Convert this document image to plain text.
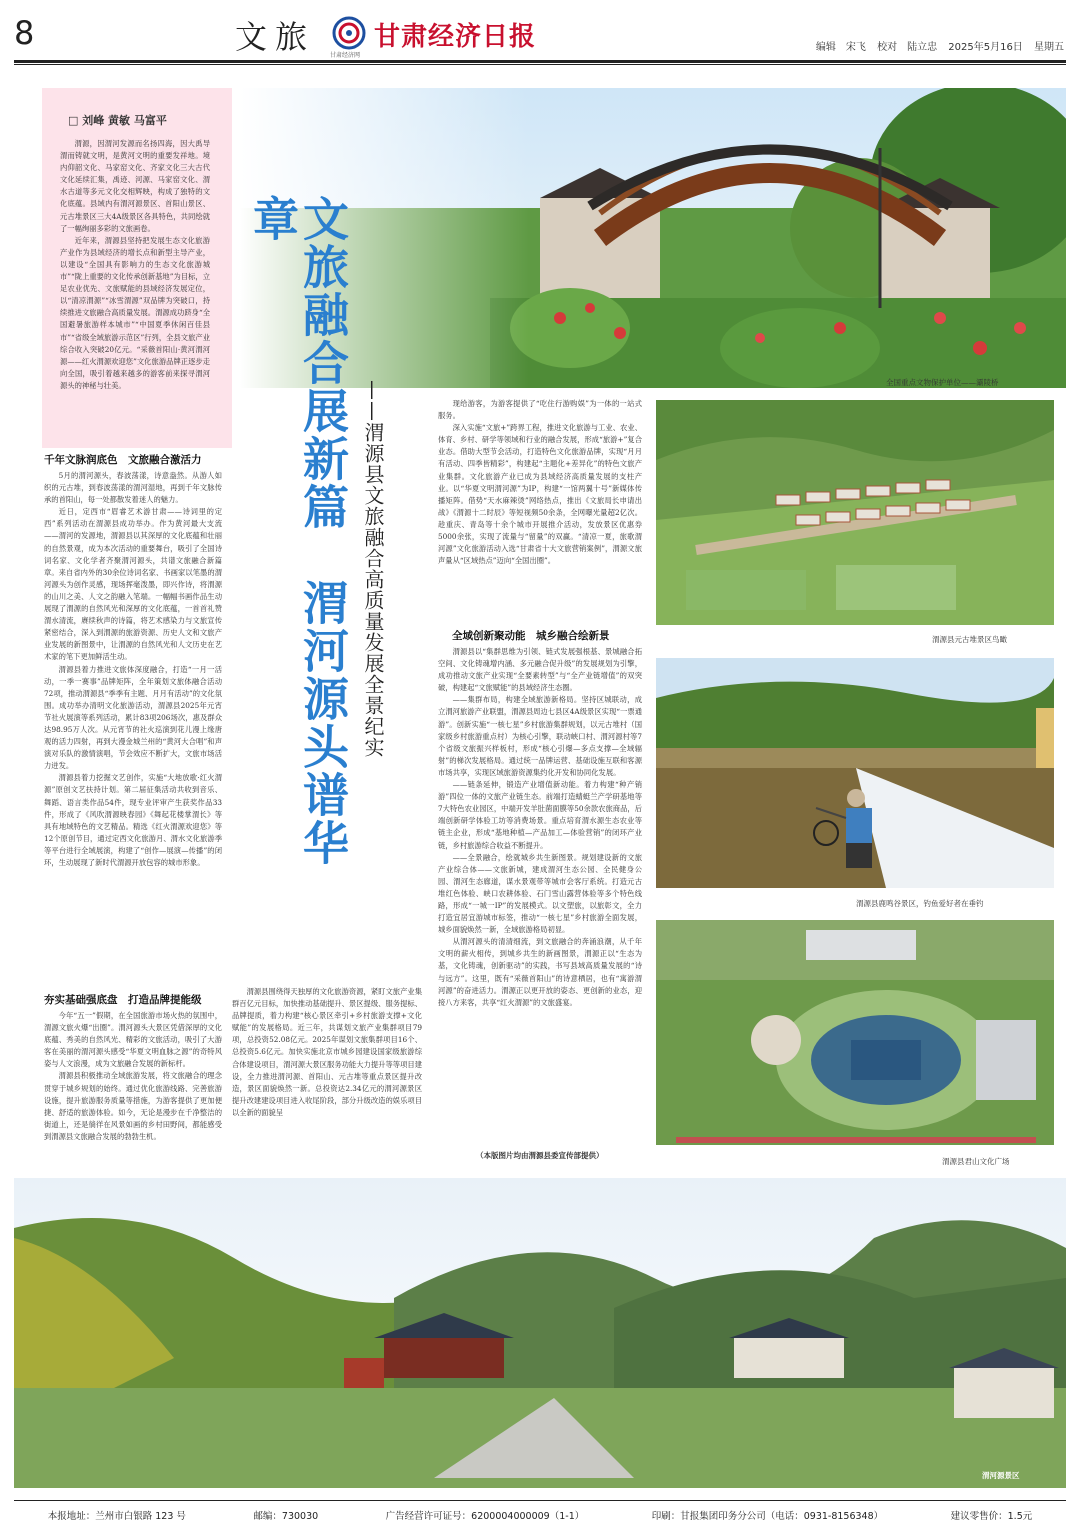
8	文旅 甘肃经济网
甘肃经济日报	编辑　宋飞 校对　陆立忠 2025年5月16日 星期五
□ 刘峰 黄敏 马富平

渭源，因渭河发源而名扬四海，因大禹导渭而铸就文明，是黄河文明的重要发祥地。境内仰韶文化、马家窑文化、齐家文化三大古代文化延续汇集，禹迹、河源、马家窑文化、渭水古道等多元文化交相辉映，构成了独特的文化底蕴。县域内有渭河源景区、首阳山景区、元古堆景区三大4A级景区各具特色，共同绘就了一幅绚丽多彩的文旅画卷。

近年来，渭源县坚持把发展生态文化旅游产业作为县域经济的增长点和新型主导产业，以建设“全国具有影响力的生态文化旅游城市”“陇上重要的文化传承创新基地”为目标，立足农业优先、文旅赋能的县域经济发展定位，以“清凉渭源”“冰雪渭源”双品牌为突破口，持续推进文旅融合高质量发展。渭源成功跻身“全国避暑旅游样本城市”“中国夏季休闲百佳县市”“省级全域旅游示范区”行列，全县文旅产业综合收入突破20亿元。“采薇首阳山·黄河渭河源——红火渭源欢迎您”文化旅游品牌正逐步走向全国，吸引着越来越多的游客前来探寻渭河源头的神秘与壮美。	全国重点文物保护单位——灞陵桥
文旅融合展新篇　渭河源头谱华章
——渭源县文旅融合高质量发展全景纪实
千年文脉润底色　文旅融合激活力

5月的渭河源头，春波荡漾，诗意盎然。从游人如织的元古堆，到春波荡漾的渭河湿地，再到千年文脉传承的首阳山，每一处都散发着迷人的魅力。

近日，定西市“眉睿艺术游甘肃——诗词里的定西”系列活动在渭源县成功举办。作为黄河最大支流——渭河的发源地，渭源县以其深厚的文化底蕴和壮丽的自然景观，成为本次活动的重要舞台，吸引了全国诗词名家、文化学者齐聚渭河源头，共谱文旅融合新篇章。来自省内外的30余位诗词名家、书画家以笔墨的渭河源头为创作灵感，现场挥毫泼墨，即兴作诗，将渭源的山川之美、人文之韵融入笔端。一幅幅书画作品生动展现了渭源的自然风光和深厚的文化底蕴，一首首礼赞渭水清流，赓续秋声的诗篇，将艺术感染力与文旅宣传紧密结合，深入到渭源的旅游资源、历史人文和文旅产业发展的新图景中，让渭源的自然风光和人文历史在艺术家的笔下更加鲜活生动。

渭源县着力推进文旅体深度融合，打造“一月一活动，一季一赛事”品牌矩阵，全年策划文旅体融合活动72项，推动渭源县“季季有主题、月月有活动”的文化氛围。成功举办清明文化旅游活动，渭源县2025年元宵节社火展演等系列活动，累计83项206场次，惠及群众达98.95万人次。从元宵节的社火巡演到花儿漫上缘唐观的活力四射，再到大漫金城兰州的“黄河大合唱”和声演对乐队的激情演唱，节会效应不断扩大，文旅市场活力迸发。

渭源县着力挖掘文艺创作，实施“大地放歌·红火渭源”原创文艺扶持计划。第二届征集活动共收到音乐、舞蹈、语言类作品54件，现专业评审产生获奖作品33件，形成了《风吹渭源映春园》《舞起花楼掌渭长》等具有地域特色的文艺精品。精选《红火渭源欢迎您》等12个原创节目，通过定西文化旅游月、渭水文化旅游季等平台进行全域展演，构建了“创作—展演—传播”的闭环，生动展现了新时代渭源开放包容的城市形象。

夯实基础强底盘　打造品牌提能级

今年“五一”假期，在全国旅游市场火热的氛围中，渭源文旅火爆“出圈”。渭河源头大景区凭借深厚的文化底蕴、秀美的自然风光、精彩的文旅活动，吸引了大游客在美丽的渭河源头感受“华夏文明血脉之源”的奇特风姿与人文浪漫，成为文旅融合发展的新标杆。

渭源县积极推动全域旅游发展，将文旅融合的理念贯穿于城乡规划的始终。通过优化旅游线路、完善旅游设施，提升旅游服务质量等措施，为游客提供了更加便捷、舒适的旅游体验。如今，无论是漫步在千净整洁的街道上，还是徜徉在风景如画的乡村田野间，都能感受到渭源县文旅融合发展的勃勃生机。

渭源县围绕得天独厚的文化旅游资源，紧盯文旅产业集群百亿元目标，加快推动基础提升、景区提级、服务提标、品牌提质，着力构建“核心景区牵引+乡村旅游支撑+文化赋能”的发展格局。近三年，共谋划文旅产业集群项目79项，总投资52.08亿元。2025年谋划文旅集群项目16个、总投资5.6亿元。加快实施北京市城乡园建设国家级旅游综合体建设项目，渭河源大景区服务功能大力提升等等项目建设，全力推进渭河源、首阳山、元古堆等重点景区提升改造，景区面貌焕然一新。总投资达2.34亿元的渭河源景区提升改建建设项目进入收尾阶段，部分升级改造的娱乐项目以全新的面貌呈

现给游客，为游客提供了“吃住行游购娱”为一体的一站式服务。

深入实施“文旅+”跨界工程，推进文化旅游与工业、农业、体育、乡村、研学等领域和行业的融合发展，形成“旅游+”复合业态。借助大型节会活动，打造特色文化旅游品牌，实现“月月有活动、四季皆精彩”，构建起“主题化+差异化”的特色文旅产业集群。文化旅游产业已成为县域经济高质量发展的支柱产业。以“华夏文明渭河源”为IP，构建“一馆两翼十号”新媒体传播矩阵。借势“天水麻辣烫”网络热点，推出《文旅局长申请出战》《渭源十二时辰》等短视频50余条，全网曝光量超2亿次。趁重庆、青岛等十余个城市开展推介活动，发放景区优惠券5000余张，实现了流量与“留量”的双赢。“清凉一夏，旅歌渭河源”文化旅游活动入选“甘肃省十大文旅营销案例”，渭源文旅声量从“区域热点”迈向“全国出圈”。

全域创新聚动能　城乡融合绘新景

渭源县以“集群思维为引领、链式发展强根基、景城融合拓空间、文化铸魂增内涵、多元融合促升级”的发展规划为引擎，成功推动文旅产业实现“全要素转型”与“全产业链增值”的双突破，构建起“文旅赋能”的县域经济生态圈。

——集群布局，构建全域旅游新格局。坚持区城联动，成立渭河旅游产业联盟，渭源县周边七县区4A级景区实现“一票通游”。创新实施“一核七星”乡村旅游集群规划，以元古堆村（国家级乡村旅游重点村）为核心引擎，联动峡口村、渭河源村等7个省级文旅振兴样板村，形成“核心引爆—多点支撑—全域辐射”的梯次发展格局。通过统一品牌运营、基础设施互联和客源市场共享，实现区域旅游资源集约化开发和协同化发展。

——链条延伸，锻造产业增值新动能。着力构建“种产销游”四位一体的文旅产业链生态。前端打造蜻蜓兰产学研基地等7大特色农业园区，中端开发羊肚菌面膜等50余款农旅商品，后端创新研学体验工坊等消费场景。重点培育渭水源生态农业等链主企业，形成“基地种植—产品加工—体验营销”的闭环产业链，乡村旅游综合收益不断提升。

——全景融合，绘就城乡共生新图景。规划建设新的文旅产业综合体——文旅新城，建成渭河生态公园、全民健身公园、渭河生态廊道，谋水景观带等城市会客厅系统。打造元古堆红色体验、峡口农耕体验、石门雪山露营体验等多个特色线路，形成“一城一IP”的发展模式。以文塑旅，以旅彰文，全力打造宜居宜游城市标签，推动“一核七星”乡村旅游全面发展，城乡面貌焕然一新，全域旅游格局初显。

从渭河源头的清清细流，到文旅融合的奔涌浪潮，从千年文明的薪火相传，到城乡共生的新画图景，渭源正以“生态为基，文化铸魂，创新驱动”的实践，书写县域高质量发展的“诗与远方”。这里，既有“采薇首阳山”的诗意栖居，也有“寓游渭河源”的奋进活力。渭源正以更开放的姿态、更创新的业态，迎接八方来客，共享“红火渭源”的文旅盛宴。

（本版图片均由渭源县委宣传部提供）
渭源县元古堆景区鸟瞰
渭源县鹿鸣谷景区，钓鱼爱好者在垂钓
渭源县君山文化广场
渭河源景区
本报地址：兰州市白银路 123 号	邮编：730030	广告经营许可证号：6200004000009（1-1）	印刷：甘报集团印务分公司（电话：0931-8156348）	建议零售价：1.5元
